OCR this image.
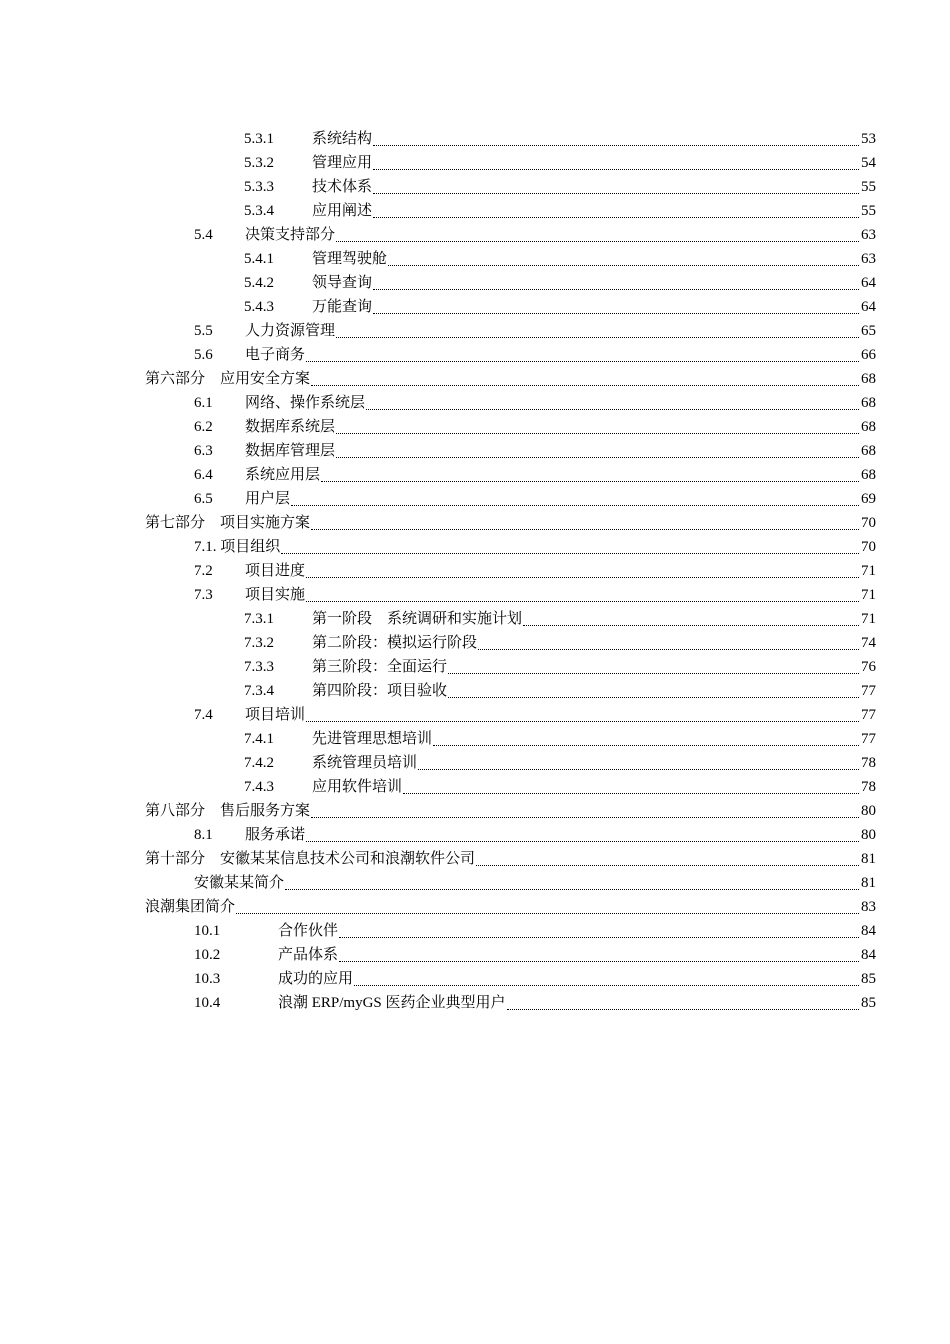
5.3.1	系统结构	53
5.3.2	管理应用	54
5.3.3	技术体系	55
5.3.4	应用阐述	55
5.4	决策支持部分	63
5.4.1	管理驾驶舱	63
5.4.2	领导查询	64
5.4.3	万能查询	64
5.5	人力资源管理	65
5.6	电子商务	66
第六部分　应用安全方案	68
6.1	网络、操作系统层	68
6.2	数据库系统层	68
6.3	数据库管理层	68
6.4	系统应用层	68
6.5	用户层	69
第七部分　项目实施方案	70
7.1. 项目组织	70
7.2	项目进度	71
7.3	项目实施	71
7.3.1	第一阶段　系统调研和实施计划	71
7.3.2	第二阶段：模拟运行阶段	74
7.3.3	第三阶段：全面运行	76
7.3.4	第四阶段：项目验收	77
7.4	项目培训	77
7.4.1	先进管理思想培训	77
7.4.2	系统管理员培训	78
7.4.3	应用软件培训	78
第八部分　售后服务方案	80
8.1	服务承诺	80
第十部分　安徽某某信息技术公司和浪潮软件公司	81
安徽某某简介	81
浪潮集团简介	83
10.1	合作伙伴	84
10.2	产品体系	84
10.3	成功的应用	85
10.4	浪潮 ERP/myGS 医药企业典型用户	85
